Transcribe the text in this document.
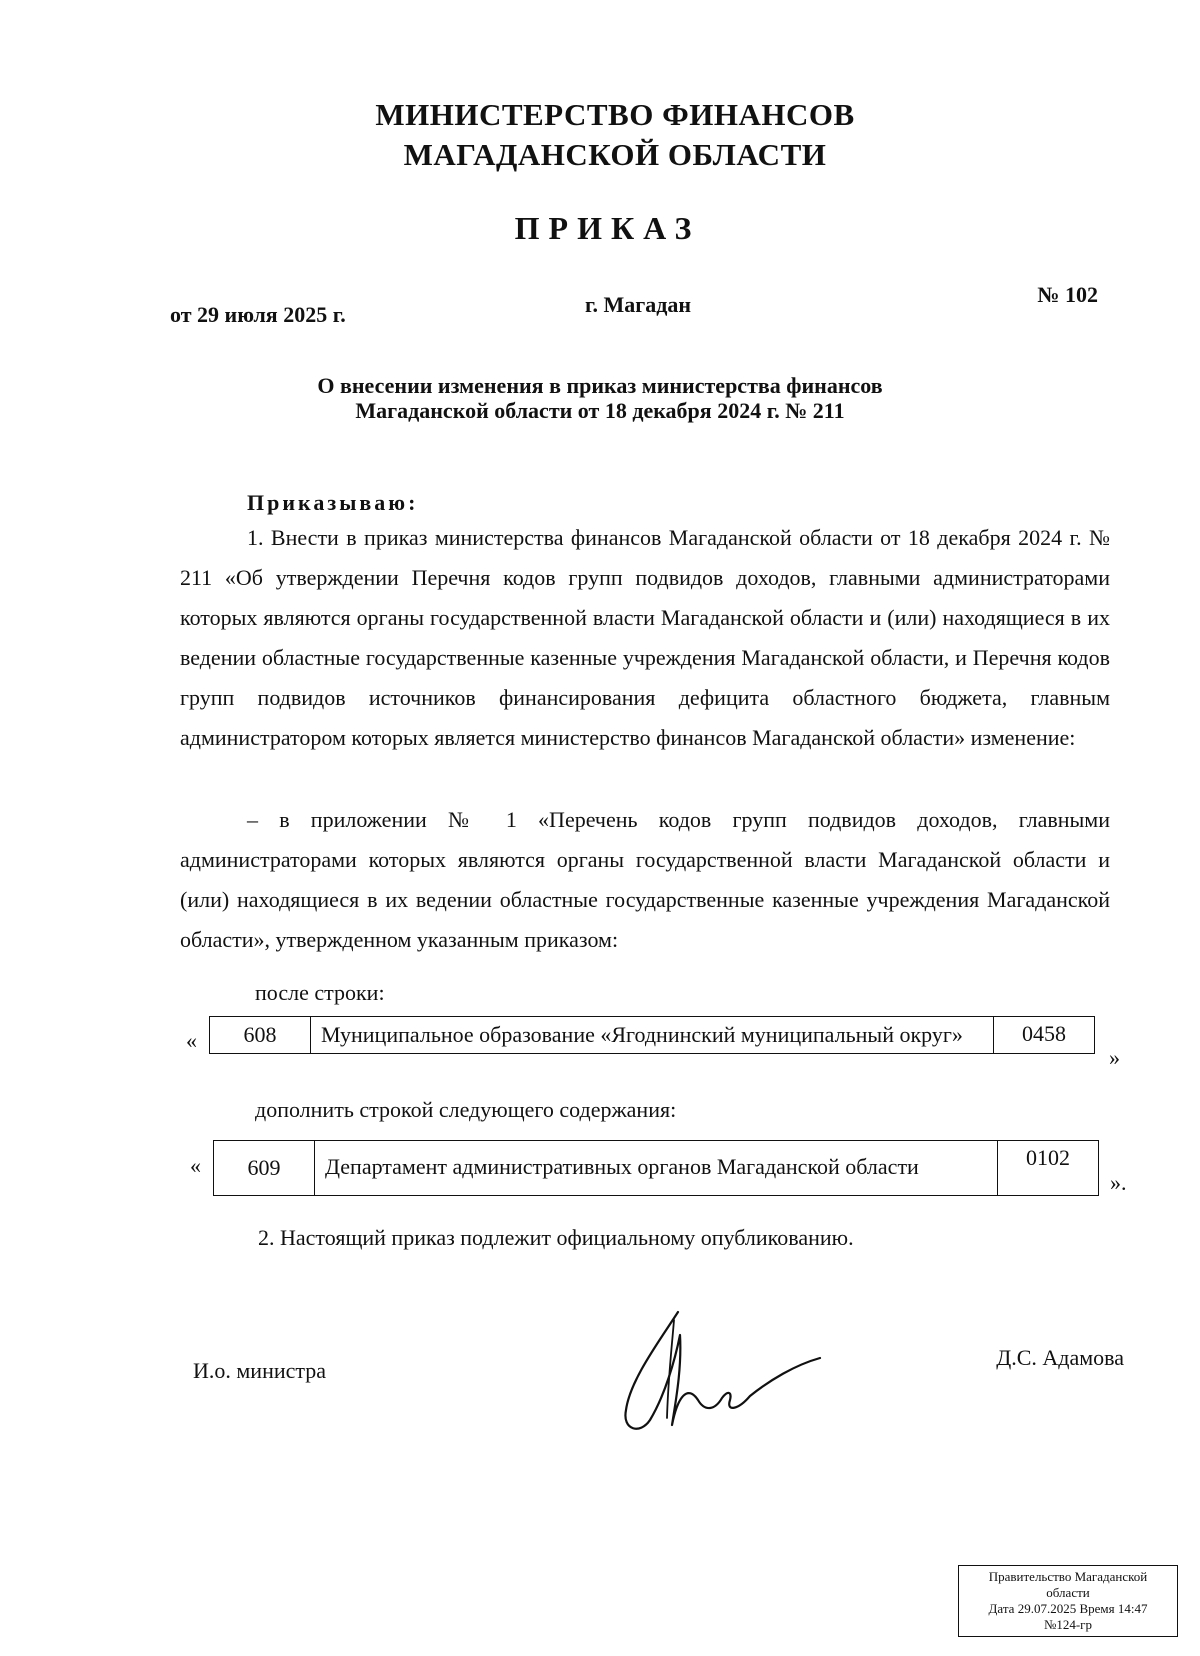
МИНИСТЕРСТВО ФИНАНСОВ
МАГАДАНСКОЙ ОБЛАСТИ
ПРИКАЗ
от 29 июля 2025 г.	г. Магадан	№ 102
О внесении изменения в приказ министерства финансов
Магаданской области от 18 декабря 2024 г. № 211
Приказываю:
1. Внести в приказ министерства финансов Магаданской области от 18 декабря 2024 г. № 211 «Об утверждении Перечня кодов групп подвидов доходов, главными администраторами которых являются органы государственной власти Магаданской области и (или) находящиеся в их ведении областные государственные казенные учреждения Магаданской области, и Перечня кодов групп подвидов источников финансирования дефицита областного бюджета, главным администратором которых является министерство финансов Магаданской области» изменение:
– в приложении № 1 «Перечень кодов групп подвидов доходов, главными администраторами которых являются органы государственной власти Магаданской области и (или) находящиеся в их ведении областные государственные казенные учреждения Магаданской области», утвержденном указанным приказом:
после строки:
« 608	Муниципальное образование «Ягоднинский муниципальный округ»	0458
»
дополнить строкой следующего содержания:
« 609	Департамент административных органов Магаданской области	0102
».
2. Настоящий приказ подлежит официальному опубликованию.
И.о. министра
Д.С. Адамова
Правительство Магаданской
области
Дата 29.07.2025 Время 14:47
№124-гр
